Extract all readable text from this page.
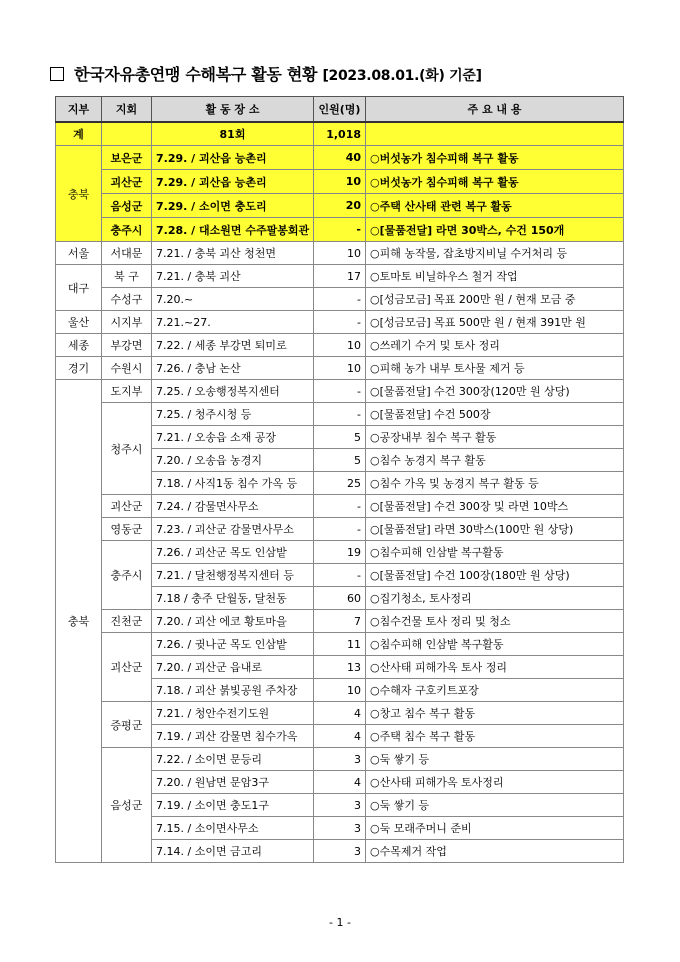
한국자유총연맹 수해복구 활동 현황 [2023.08.01.(화) 기준]
지부	지회	활 동 장 소	인원(명)	주 요 내 용
계		81회	1,018	
충북	보은군	7.29. / 괴산읍 능촌리	40	○버섯농가 침수피해 복구 활동
	괴산군	7.29. / 괴산읍 능촌리	10	○버섯농가 침수피해 복구 활동
	음성군	7.29. / 소이면 충도리	20	○주택 산사태 관련 복구 활동
	충주시	7.28. / 대소원면 수주팔봉회관	-	○[물품전달] 라면 30박스, 수건 150개
서울	서대문	7.21. / 충북 괴산 청천면	10	○피해 농작물, 잡초방지비닐 수거처리 등
대구	북 구	7.21. / 충북 괴산	17	○토마토 비닐하우스 철거 작업
	수성구	7.20.~	-	○[성금모금] 목표 200만 원 / 현재 모금 중
울산	시지부	7.21.~27.	-	○[성금모금] 목표 500만 원 / 현재 391만 원
세종	부강면	7.22. / 세종 부강면 퇴미로	10	○쓰레기 수거 및 토사 정리
경기	수원시	7.26. / 충남 논산	10	○피해 농가 내부 토사물 제거 등
충북	도지부	7.25. / 오송행정복지센터	-	○[물품전달] 수건 300장(120만 원 상당)
	청주시	7.25. / 청주시청 등	-	○[물품전달] 수건 500장
		7.21. / 오송읍 소재 공장	5	○공장내부 침수 복구 활동
		7.20. / 오송읍 농경지	5	○침수 농경지 복구 활동
		7.18. / 사직1동 침수 가옥 등	25	○침수 가옥 및 농경지 복구 활동 등
	괴산군	7.24. / 감물면사무소	-	○[물품전달] 수건 300장 및 라면 10박스
	영동군	7.23. / 괴산군 감물면사무소	-	○[물품전달] 라면 30박스(100만 원 상당)
	충주시	7.26. / 괴산군 목도 인삼밭	19	○침수피해 인삼밭 복구활동
		7.21. / 달천행정복지센터 등	-	○[물품전달] 수건 100장(180만 원 상당)
		7.18 / 충주 단월동, 달천동	60	○집기청소, 토사정리
	진천군	7.20. / 괴산 에코 황토마을	7	○침수건물 토사 정리 및 청소
	괴산군	7.26. / 귓나군 목도 인삼밭	11	○침수피해 인삼밭 복구활동
		7.20. / 괴산군 읍내로	13	○산사태 피해가옥 토사 정리
		7.18. / 괴산 붉빛공원 주차장	10	○수해자 구호키트포장
	증평군	7.21. / 청안수전기도원	4	○창고 침수 복구 활동
		7.19. / 괴산 감물면 침수가옥	4	○주택 침수 복구 활동
	음성군	7.22. / 소이면 문등리	3	○둑 쌓기 등
		7.20. / 원남면 문암3구	4	○산사태 피해가옥 토사정리
		7.19. / 소이면 충도1구	3	○둑 쌓기 등
		7.15. / 소이면사무소	3	○둑 모래주머니 준비
		7.14. / 소이면 금고리	3	○수목제거 작업
- 1 -
